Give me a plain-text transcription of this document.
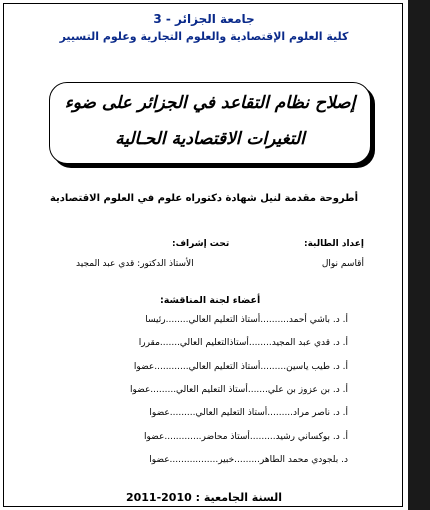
جامعة الجزائر - 3
كلية العلوم الإقتصادية والعلوم التجارية وعلوم التسيير
إصلاح نظام التقاعد في الجزائر على ضوء
التغيرات الاقتصادية الحـالية
أطروحة مقدمة لنيل شهادة دكتوراه علوم في العلوم الاقتصادية
إعداد الطالبة:
أقاسم نوال
تحت إشراف:
الأستاذ الدكتور: قدي عبد المجيد
أعضاء لجنة المناقشة:
أ. د. باشي أحمد..........أستاذ التعليم العالي........رئيسا
أ. د. قدي عبد المجيد........أستاذالتعليم العالي.......مقررا
أ. د. طيب ياسين.........أستاذ التعليم العالي............عضوا
أ. د. بن عزوز بن علي.......أستاذ التعليم العالي.........عضوا
أ. د. ناصر مراد.........أستاذ التعليم العالي.........عضوا
أ. د. بوكساني رشيد.........أستاذ محاضر.............عضوا
د. بلجودي محمد الطاهر.........خبير.................عضوا
السنة الجامعية : 2010-2011
